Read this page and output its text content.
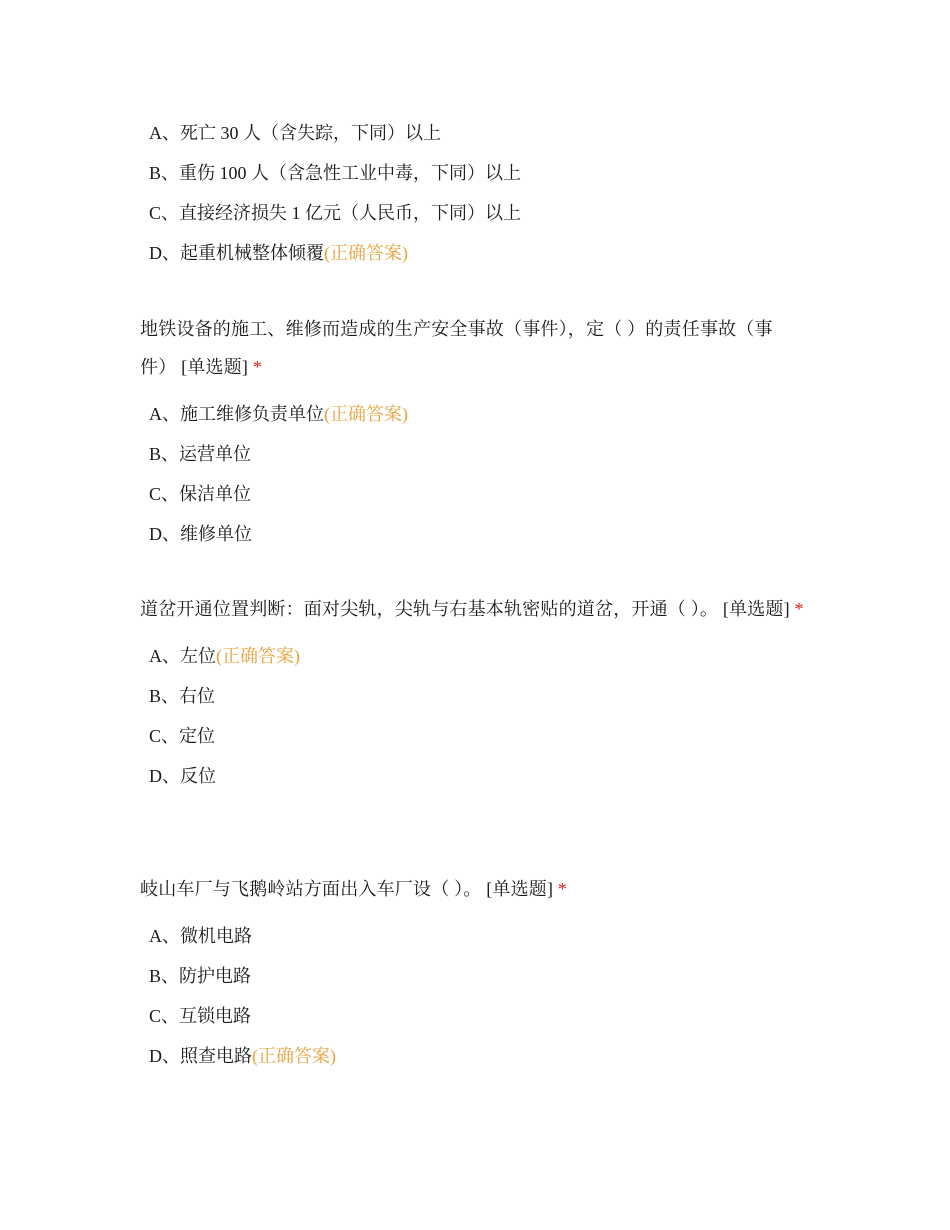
A、死亡 30 人（含失踪，下同）以上
B、重伤 100 人（含急性工业中毒，下同）以上
C、直接经济损失 1 亿元（人民币，下同）以上
D、起重机械整体倾覆(正确答案)

地铁设备的施工、维修而造成的生产安全事故（事件），定（ ）的责任事故（事件） [单选题] *

A、施工维修负责单位(正确答案)
B、运营单位
C、保洁单位
D、维修单位

道岔开通位置判断：面对尖轨，尖轨与右基本轨密贴的道岔，开通（ ）。 [单选题] *

A、左位(正确答案)
B、右位
C、定位
D、反位

岐山车厂与飞鹅岭站方面出入车厂设（ ）。 [单选题] *

A、微机电路
B、防护电路
C、互锁电路
D、照查电路(正确答案)
